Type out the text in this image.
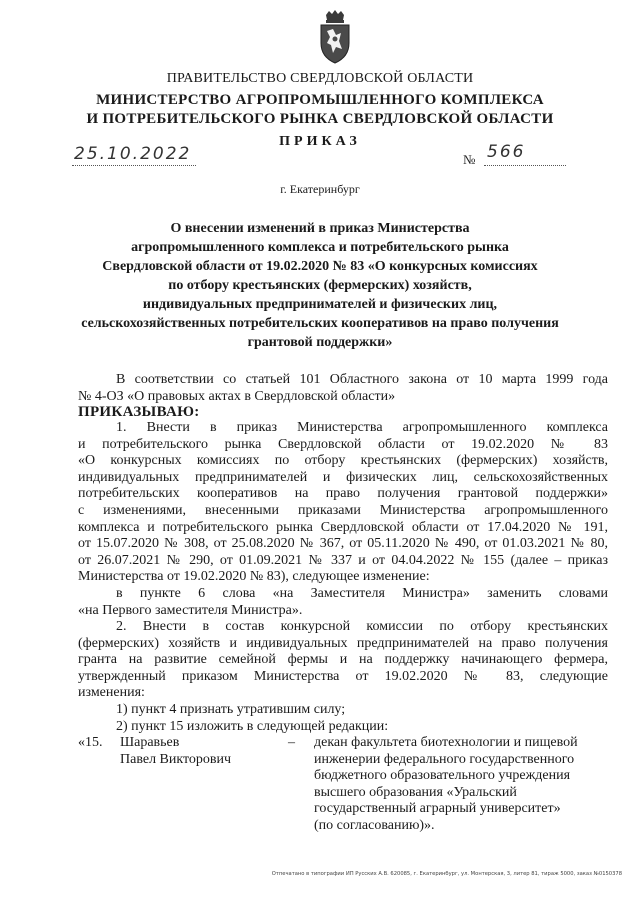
ПРАВИТЕЛЬСТВО СВЕРДЛОВСКОЙ ОБЛАСТИ
МИНИСТЕРСТВО АГРОПРОМЫШЛЕННОГО КОМПЛЕКСА
И ПОТРЕБИТЕЛЬСКОГО РЫНКА СВЕРДЛОВСКОЙ ОБЛАСТИ
ПРИКАЗ
25.10.2022	№ 566
г. Екатеринбург
О внесении изменений в приказ Министерства
агропромышленного комплекса и потребительского рынка
Свердловской области от 19.02.2020 № 83 «О конкурсных комиссиях
по отбору крестьянских (фермерских) хозяйств,
индивидуальных предпринимателей и физических лиц,
сельскохозяйственных потребительских кооперативов на право получения
грантовой поддержки»
В соответствии со статьей 101 Областного закона от 10 марта 1999 года
№ 4-ОЗ «О правовых актах в Свердловской области»
ПРИКАЗЫВАЮ:
1. Внести в приказ Министерства агропромышленного комплекса
и потребительского рынка Свердловской области от 19.02.2020 № 83
«О конкурсных комиссиях по отбору крестьянских (фермерских) хозяйств,
индивидуальных предпринимателей и физических лиц, сельскохозяйственных
потребительских кооперативов на право получения грантовой поддержки»
с изменениями, внесенными приказами Министерства агропромышленного
комплекса и потребительского рынка Свердловской области от 17.04.2020 № 191,
от 15.07.2020 № 308, от 25.08.2020 № 367, от 05.11.2020 № 490, от 01.03.2021 № 80,
от 26.07.2021 № 290, от 01.09.2021 № 337 и от 04.04.2022 № 155 (далее – приказ
Министерства от 19.02.2020 № 83), следующее изменение:
в пункте 6 слова «на Заместителя Министра» заменить словами
«на Первого заместителя Министра».
2. Внести в состав конкурсной комиссии по отбору крестьянских
(фермерских) хозяйств и индивидуальных предпринимателей на право получения
гранта на развитие семейной фермы и на поддержку начинающего фермера,
утвержденный приказом Министерства от 19.02.2020 № 83, следующие
изменения:
1) пункт 4 признать утратившим силу;
2) пункт 15 изложить в следующей редакции:
«15. Шаравьев
Павел Викторович
– декан факультета биотехнологии и пищевой
инженерии федерального государственного
бюджетного образовательного учреждения
высшего образования «Уральский
государственный аграрный университет»
(по согласованию)».
Отпечатано в типографии ИП Русских А.В. 620085, г. Екатеринбург, ул. Монтерская, 3, литер 81, тираж 5000, заказ №0150378
